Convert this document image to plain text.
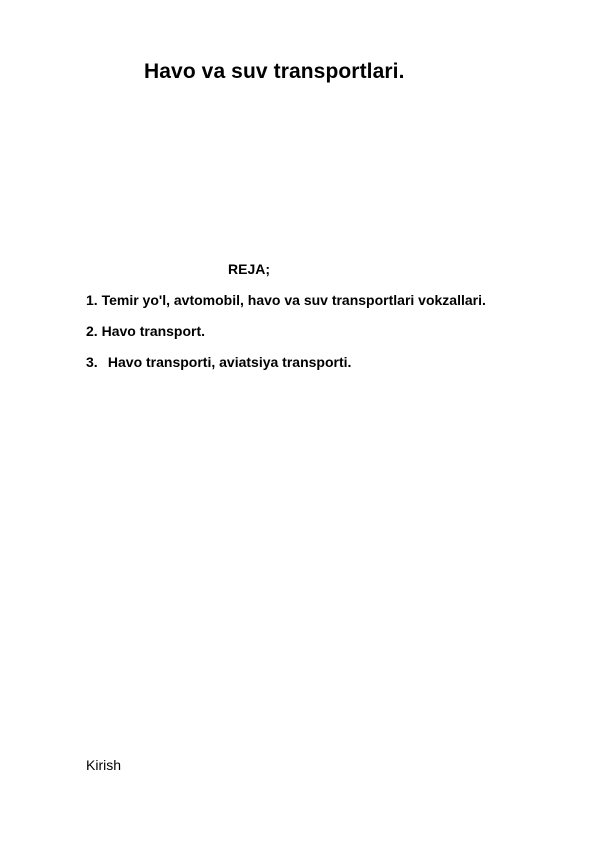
Havo va suv transportlari.
REJA;
1. Temir yo'l, avtomobil, havo va suv transportlari vokzallari.
2. Havo transport.
3. Havo transporti, aviatsiya transporti.
Kirish
